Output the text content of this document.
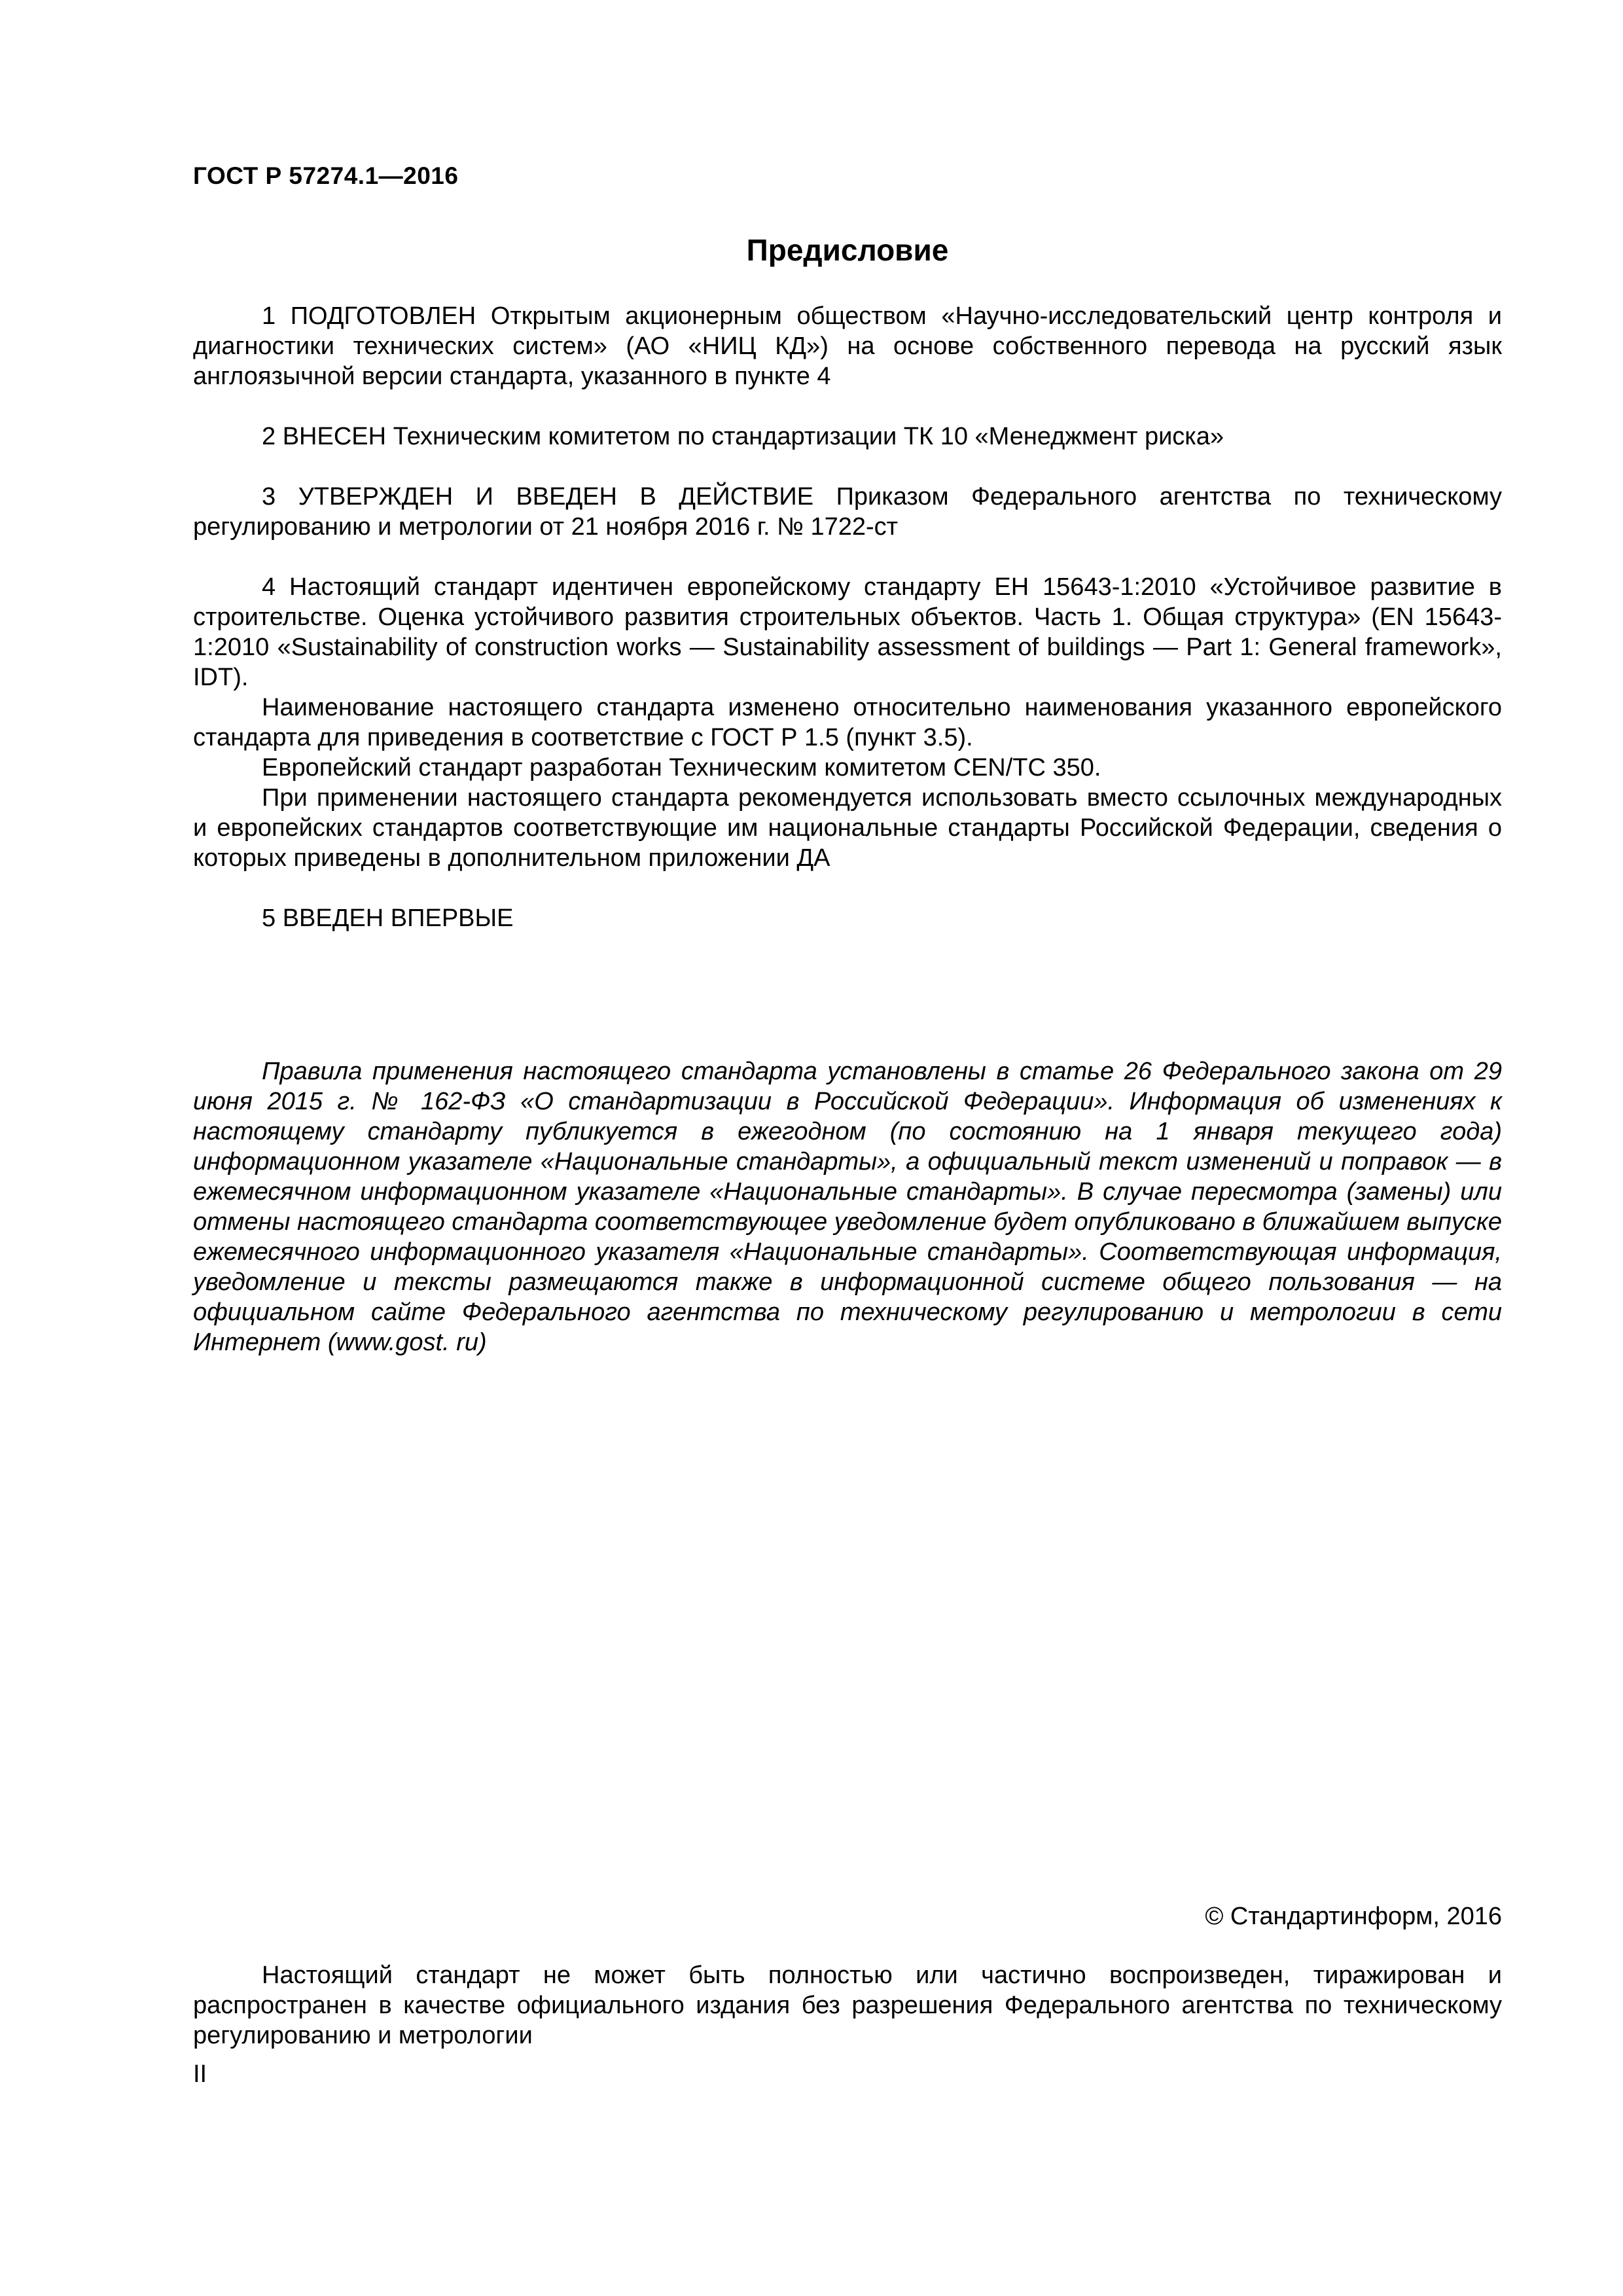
ГОСТ Р 57274.1—2016
Предисловие

1 ПОДГОТОВЛЕН Открытым акционерным обществом «Научно-исследовательский центр контроля и диагностики технических систем» (АО «НИЦ КД») на основе собственного перевода на русский язык англоязычной версии стандарта, указанного в пункте 4

2 ВНЕСЕН Техническим комитетом по стандартизации ТК 10 «Менеджмент риска»

3 УТВЕРЖДЕН И ВВЕДЕН В ДЕЙСТВИЕ Приказом Федерального агентства по техническому регулированию и метрологии от 21 ноября 2016 г. № 1722-ст

4 Настоящий стандарт идентичен европейскому стандарту ЕН 15643-1:2010 «Устойчивое развитие в строительстве. Оценка устойчивого развития строительных объектов. Часть 1. Общая структура» (EN 15643-1:2010 «Sustainability of construction works — Sustainability assessment of buildings — Part 1: General framework», IDT).

Наименование настоящего стандарта изменено относительно наименования указанного европейского стандарта для приведения в соответствие с ГОСТ Р 1.5 (пункт 3.5).

Европейский стандарт разработан Техническим комитетом CEN/TC 350.

При применении настоящего стандарта рекомендуется использовать вместо ссылочных международных и европейских стандартов соответствующие им национальные стандарты Российской Федерации, сведения о которых приведены в дополнительном приложении ДА

5 ВВЕДЕН ВПЕРВЫЕ

Правила применения настоящего стандарта установлены в статье 26 Федерального закона от 29 июня 2015 г. № 162-ФЗ «О стандартизации в Российской Федерации». Информация об изменениях к настоящему стандарту публикуется в ежегодном (по состоянию на 1 января текущего года) информационном указателе «Национальные стандарты», а официальный текст изменений и поправок — в ежемесячном информационном указателе «Национальные стандарты». В случае пересмотра (замены) или отмены настоящего стандарта соответствующее уведомление будет опубликовано в ближайшем выпуске ежемесячного информационного указателя «Национальные стандарты». Соответствующая информация, уведомление и тексты размещаются также в информационной системе общего пользования — на официальном сайте Федерального агентства по техническому регулированию и метрологии в сети Интернет (www.gost. ru)

© Стандартинформ, 2016

Настоящий стандарт не может быть полностью или частично воспроизведен, тиражирован и распространен в качестве официального издания без разрешения Федерального агентства по техническому регулированию и метрологии

II
